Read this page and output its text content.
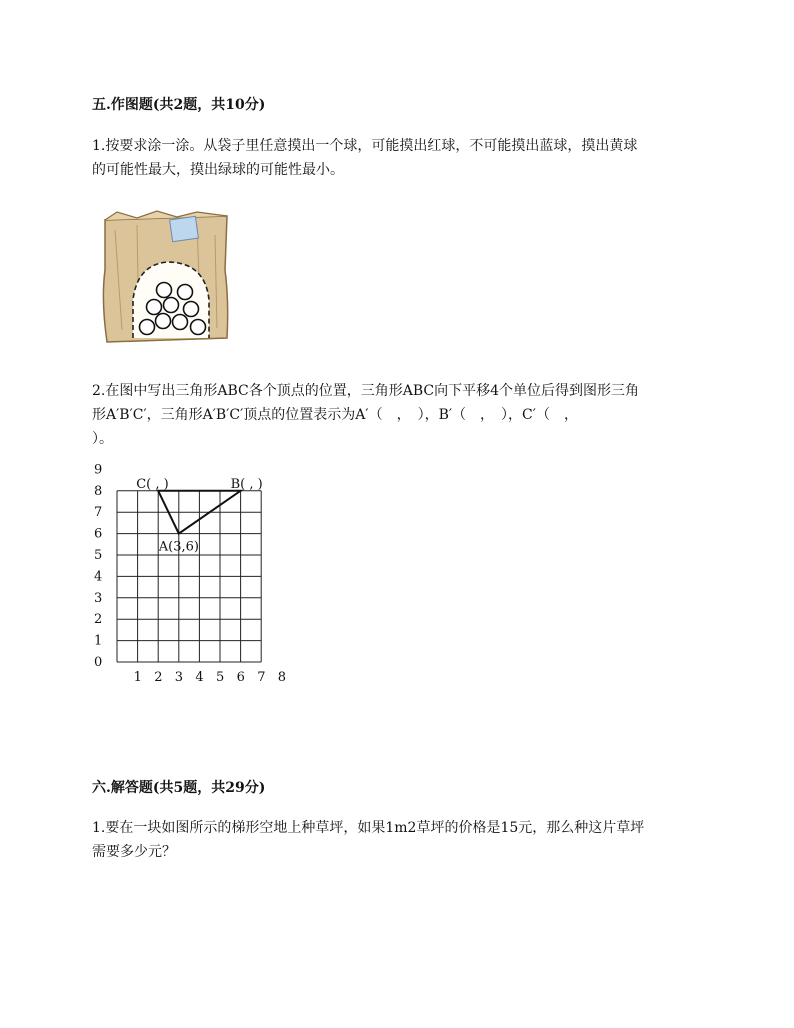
五.作图题(共2题，共10分)
1.按要求涂一涂。从袋子里任意摸出一个球，可能摸出红球，不可能摸出蓝球，摸出黄球
的可能性最大，摸出绿球的可能性最小。
2.在图中写出三角形ABC各个顶点的位置，三角形ABC向下平移4个单位后得到图形三角
形A′B′C′，三角形A′B′C′顶点的位置表示为A′（　，　），B′（　，　），C′（　，
）。
0
1
2
3
4
5
6
7
8
9
1 2 3 4 5 6 7 8
C( , )	B( , )
A(3,6)
六.解答题(共5题，共29分)
1.要在一块如图所示的梯形空地上种草坪，如果1m2草坪的价格是15元，那么种这片草坪
需要多少元？
